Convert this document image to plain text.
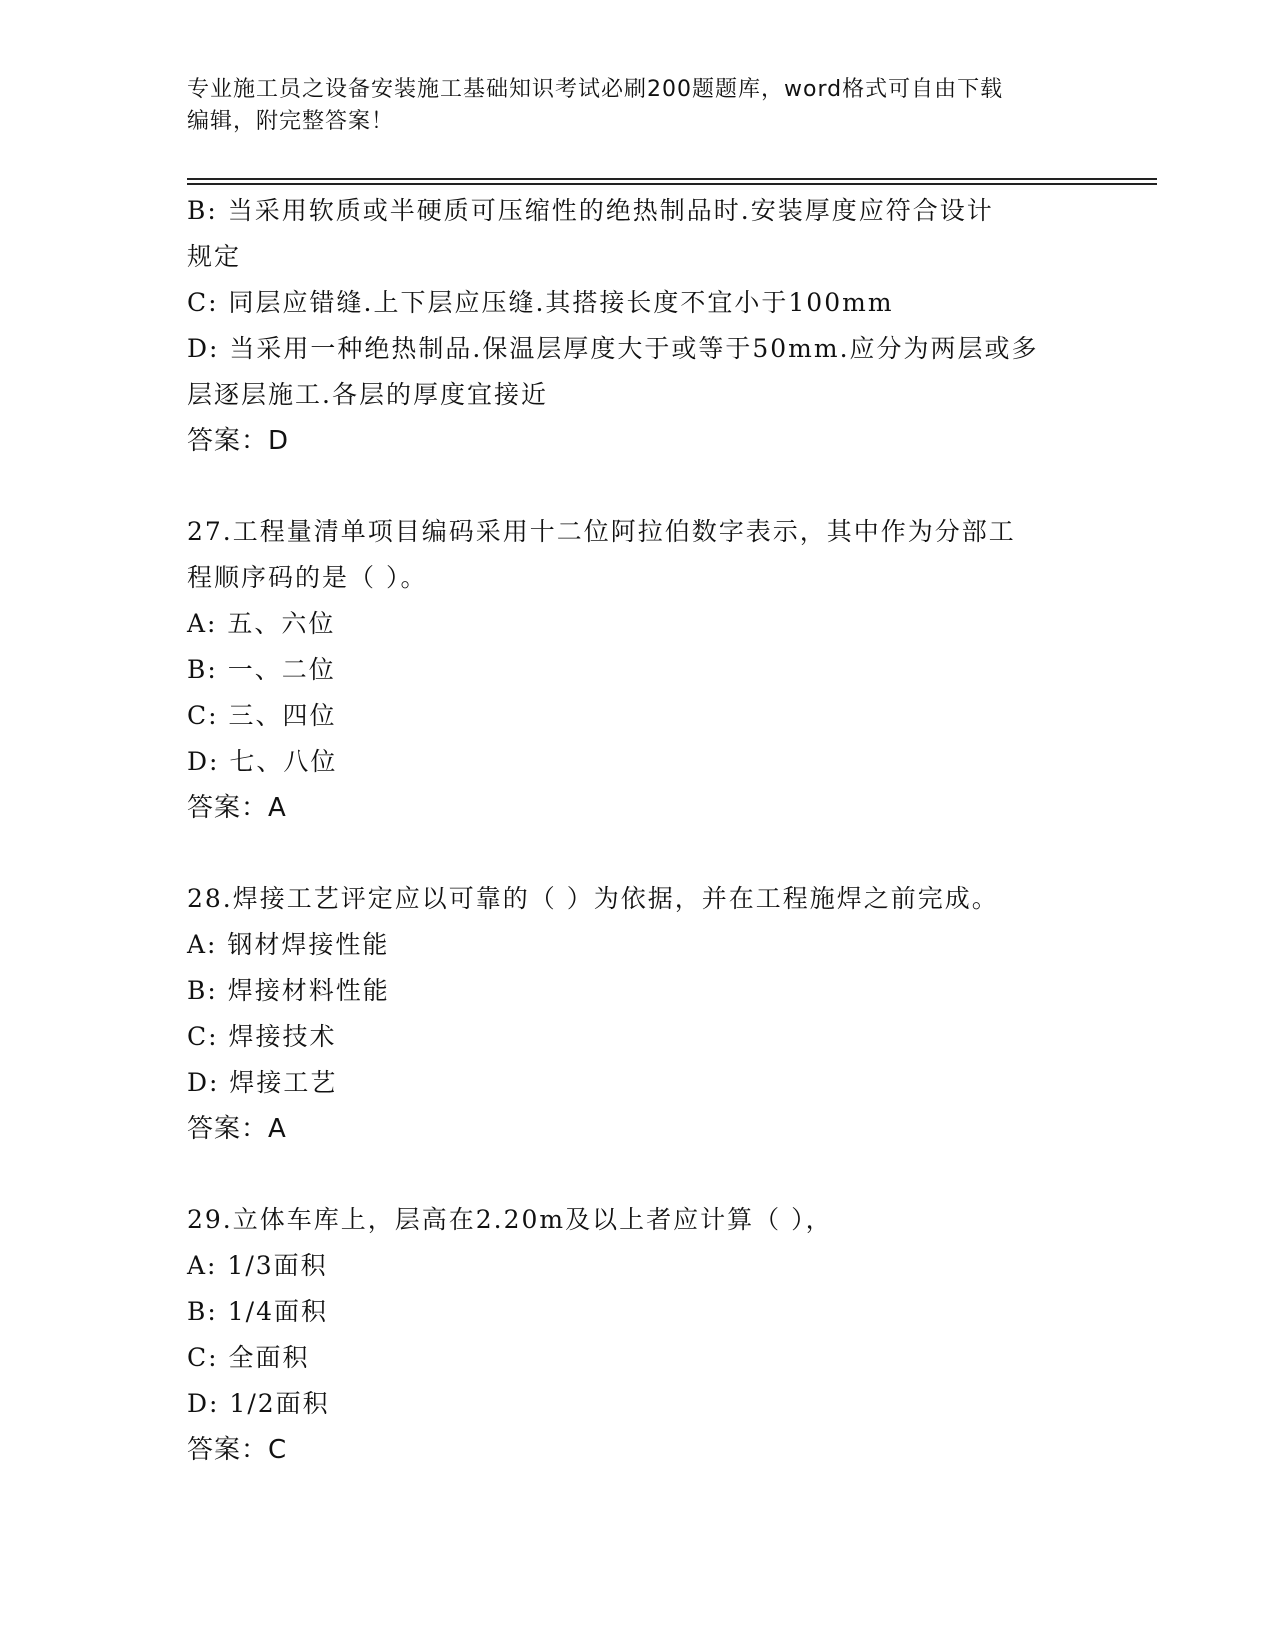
专业施工员之设备安装施工基础知识考试必刷200题题库，word格式可自由下载
编辑，附完整答案！
B: 当采用软质或半硬质可压缩性的绝热制品时.安装厚度应符合设计
规定
C: 同层应错缝.上下层应压缝.其搭接长度不宜小于100mm
D: 当采用一种绝热制品.保温层厚度大于或等于50mm.应分为两层或多
层逐层施工.各层的厚度宜接近
答案：D
27.工程量清单项目编码采用十二位阿拉伯数字表示，其中作为分部工
程顺序码的是（ ）。
A: 五、六位
B: 一、二位
C: 三、四位
D: 七、八位
答案：A
28.焊接工艺评定应以可靠的（ ）为依据，并在工程施焊之前完成。
A: 钢材焊接性能
B: 焊接材料性能
C: 焊接技术
D: 焊接工艺
答案：A
29.立体车库上，层高在2.20m及以上者应计算（ ），
A: 1/3面积
B: 1/4面积
C: 全面积
D: 1/2面积
答案：C
